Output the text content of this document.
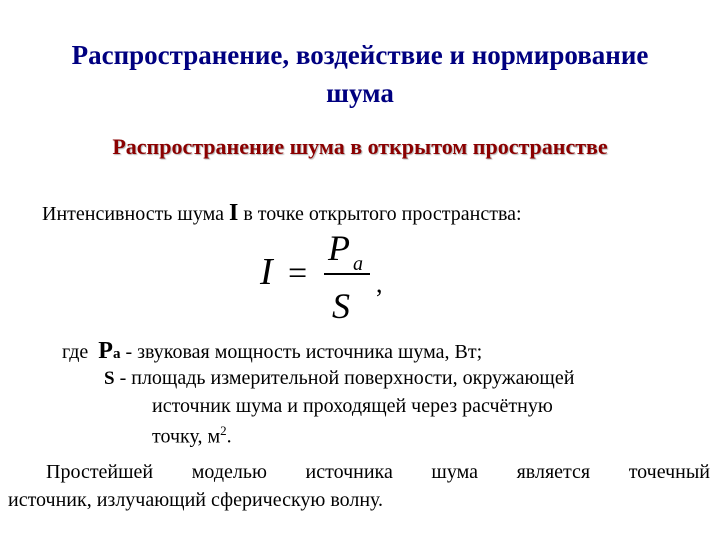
Распространение, воздействие и нормирование
шума
Распространение шума в открытом пространстве
Интенсивность шума I в точке открытого пространства:
I =
P a
S
,
где Pa - звуковая мощность источника шума, Вт;
S - площадь измерительной поверхности, окружающей
источник шума и проходящей через расчётную
точку, $м^2$.
Простейшей моделью источника шума является точечный
источник, излучающий сферическую волну.
